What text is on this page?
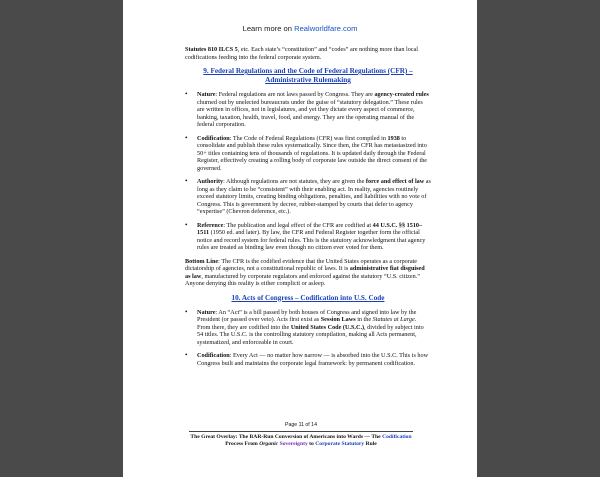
Learn more on Realworldfare.com

Statutes 810 ILCS 5, etc. Each state’s “constitution” and “codes” are nothing more than local codifications feeding into the federal corporate system.

9. Federal Regulations and the Code of Federal Regulations (CFR) – Administrative Rulemaking
• Nature: Federal regulations are not laws passed by Congress. They are agency-created rules churned out by unelected bureaucrats under the guise of “statutory delegation.” These rules are written in offices, not in legislatures, and yet they dictate every aspect of commerce, banking, taxation, health, travel, food, and energy. They are the operating manual of the federal corporation.
• Codification: The Code of Federal Regulations (CFR) was first compiled in 1938 to consolidate and publish these rules systematically. Since then, the CFR has metastasized into 50+ titles containing tens of thousands of regulations. It is updated daily through the Federal Register, effectively creating a rolling body of corporate law outside the direct consent of the governed.
• Authority: Although regulations are not statutes, they are given the force and effect of law as long as they claim to be “consistent” with their enabling act. In reality, agencies routinely exceed statutory limits, creating binding obligations, penalties, and liabilities with no vote of Congress. This is government by decree, rubber-stamped by courts that defer to agency “expertise” (Chevron deference, etc.).
• Reference: The publication and legal effect of the CFR are codified at 44 U.S.C. §§ 1510–1511 (1950 ed. and later). By law, the CFR and Federal Register together form the official notice and record system for federal rules. This is the statutory acknowledgment that agency rules are treated as binding law even though no citizen ever voted for them.

Bottom Line: The CFR is the codified evidence that the United States operates as a corporate dictatorship of agencies, not a constitutional republic of laws. It is administrative fiat disguised as law, manufactured by corporate regulators and enforced against the statutory “U.S. citizen.” Anyone denying this reality is either complicit or asleep.

10. Acts of Congress – Codification into U.S. Code
• Nature: An “Act” is a bill passed by both houses of Congress and signed into law by the President (or passed over veto). Acts first exist as Session Laws in the Statutes at Large. From there, they are codified into the United States Code (U.S.C.), divided by subject into 54 titles. The U.S.C. is the controlling statutory compilation, making all Acts permanent, systematized, and enforceable in court.
• Codification: Every Act — no matter how narrow — is absorbed into the U.S.C. This is how Congress built and maintains the corporate legal framework: by permanent codification.
Page 11 of 14
The Great Overlay: The BAR-Run Conversion of Americans into Wards — The Codification
Process From Organic Sovereignty to Corporate Statutory Rule
